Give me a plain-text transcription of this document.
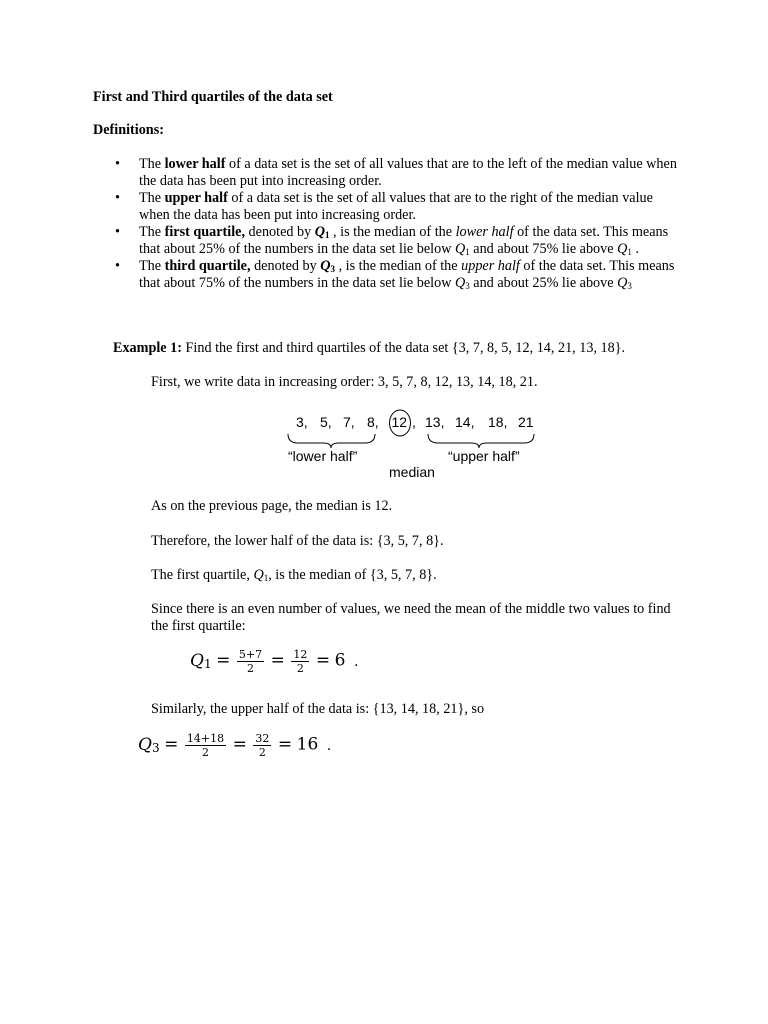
First and Third quartiles of the data set
Definitions:
• The lower half of a data set is the set of all values that are to the left of the median value when the data has been put into increasing order.
• The upper half of a data set is the set of all values that are to the right of the median value when the data has been put into increasing order.
• The first quartile, denoted by $Q_1$ , is the median of the lower half of the data set. This means that about 25% of the numbers in the data set lie below $Q_1$ and about 75% lie above $Q_1$ .
• The third quartile, denoted by $Q_3$ , is the median of the upper half of the data set. This means that about 75% of the numbers in the data set lie below $Q_3$ and about 25% lie above $Q_3$
Example 1: Find the first and third quartiles of the data set {3, 7, 8, 5, 12, 14, 21, 13, 18}.
First, we write data in increasing order: 3, 5, 7, 8, 12, 13, 14, 18, 21.
3, 5, 7, 8, 12 , 13, 14, 18, 21
“lower half”	“upper half”
median
As on the previous page, the median is 12.
Therefore, the lower half of the data is: {3, 5, 7, 8}.
The first quartile, $Q_1$, is the median of {3, 5, 7, 8}.
Since there is an even number of values, we need the mean of the middle two values to find the first quartile:
$Q_1 = \frac{5+7}{2} = \frac{12}{2} = 6$ .
Similarly, the upper half of the data is: {13, 14, 18, 21}, so
$Q_3 = \frac{14+18}{2} = \frac{32}{2} = 16$ .
